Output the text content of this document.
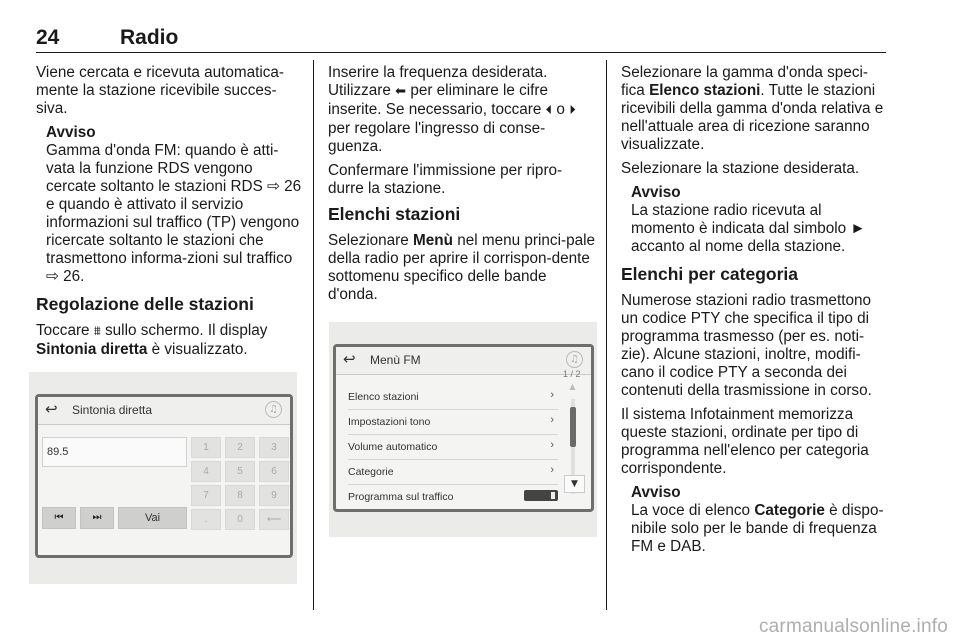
24	Radio
Viene cercata e ricevuta automatica-mente la stazione ricevibile succes-siva.
Avviso
Gamma d'onda FM: quando è atti-vata la funzione RDS vengono cercate soltanto le stazioni RDS ⇨ 26 e quando è attivato il servizio informazioni sul traffico (TP) vengono ricercate soltanto le stazioni che trasmettono informa-zioni sul traffico ⇨ 26.
Regolazione delle stazioni
Toccare ⩩ sullo schermo. Il display Sintonia diretta è visualizzato.
↩ Sintonia diretta	♫
89.5	1	2	3
4	5	6
7	8	9
.	0	⟵
⏮	⏭	Vai
Inserire la frequenza desiderata. Utilizzare ⬅ per eliminare le cifre inserite. Se necessario, toccare ⏴ o ⏵ per regolare l'ingresso di conse-guenza.
Confermare l'immissione per ripro-durre la stazione.
Elenchi stazioni
Selezionare Menù nel menu princi-pale della radio per aprire il corrispon-dente sottomenu specifico delle bande d'onda.
↩ Menù FM	♫
Elenco stazioni	›
Impostazioni tono	›
Volume automatico	›
Categorie	›
Programma sul traffico
1 / 2
▲
▼
Selezionare la gamma d'onda speci-fica Elenco stazioni. Tutte le stazioni ricevibili della gamma d'onda relativa e nell'attuale area di ricezione saranno visualizzate.
Selezionare la stazione desiderata.
Avviso
La stazione radio ricevuta al momento è indicata dal simbolo ► accanto al nome della stazione.
Elenchi per categoria
Numerose stazioni radio trasmettono un codice PTY che specifica il tipo di programma trasmesso (per es. noti-zie). Alcune stazioni, inoltre, modifi-cano il codice PTY a seconda dei contenuti della trasmissione in corso.
Il sistema Infotainment memorizza queste stazioni, ordinate per tipo di programma nell'elenco per categoria corrispondente.
Avviso
La voce di elenco Categorie è dispo-nibile solo per le bande di frequenza FM e DAB.
carmanualsonline.info
